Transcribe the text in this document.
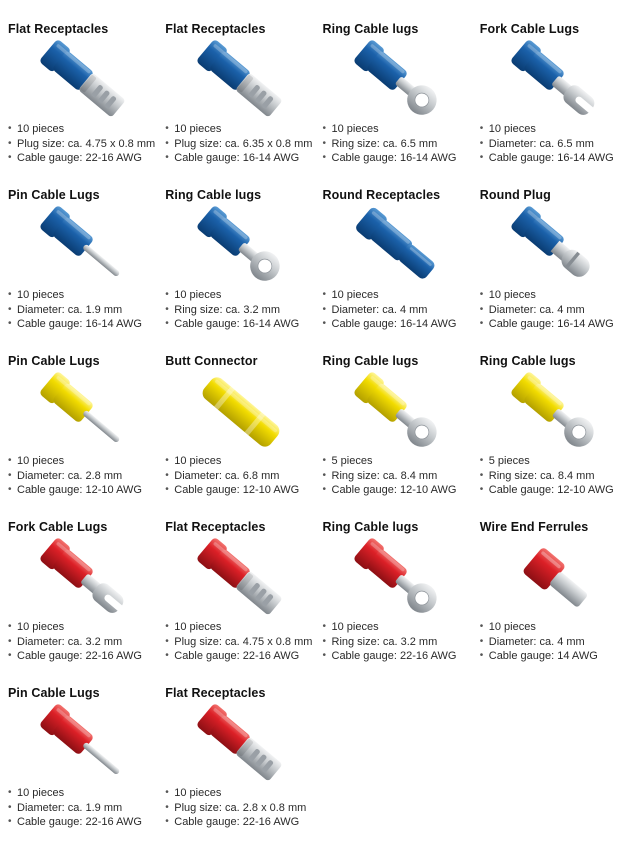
Flat Receptacles
• 10 pieces
• Plug size: ca. 4.75 x 0.8 mm
• Cable gauge: 22-16 AWG
Flat Receptacles
• 10 pieces
• Plug size: ca. 6.35 x 0.8 mm
• Cable gauge: 16-14 AWG
Ring Cable lugs
• 10 pieces
• Ring size: ca. 6.5 mm
• Cable gauge: 16-14 AWG
Fork Cable Lugs
• 10 pieces
• Diameter: ca. 6.5 mm
• Cable gauge: 16-14 AWG
Pin Cable Lugs
• 10 pieces
• Diameter: ca. 1.9 mm
• Cable gauge: 16-14 AWG
Ring Cable lugs
• 10 pieces
• Ring size: ca. 3.2 mm
• Cable gauge: 16-14 AWG
Round Receptacles
• 10 pieces
• Diameter: ca. 4 mm
• Cable gauge: 16-14 AWG
Round Plug
• 10 pieces
• Diameter: ca. 4 mm
• Cable gauge: 16-14 AWG
Pin Cable Lugs
• 10 pieces
• Diameter: ca. 2.8 mm
• Cable gauge: 12-10 AWG
Butt Connector
• 10 pieces
• Diameter: ca. 6.8 mm
• Cable gauge: 12-10 AWG
Ring Cable lugs
• 5 pieces
• Ring size: ca. 8.4 mm
• Cable gauge: 12-10 AWG
Ring Cable lugs
• 5 pieces
• Ring size: ca. 8.4 mm
• Cable gauge: 12-10 AWG
Fork Cable Lugs
• 10 pieces
• Diameter: ca. 3.2 mm
• Cable gauge: 22-16 AWG
Flat Receptacles
• 10 pieces
• Plug size: ca. 4.75 x 0.8 mm
• Cable gauge: 22-16 AWG
Ring Cable lugs
• 10 pieces
• Ring size: ca. 3.2 mm
• Cable gauge: 22-16 AWG
Wire End Ferrules
• 10 pieces
• Diameter: ca. 4 mm
• Cable gauge: 14 AWG
Pin Cable Lugs
• 10 pieces
• Diameter: ca. 1.9 mm
• Cable gauge: 22-16 AWG
Flat Receptacles
• 10 pieces
• Plug size: ca. 2.8 x 0.8 mm
• Cable gauge: 22-16 AWG
